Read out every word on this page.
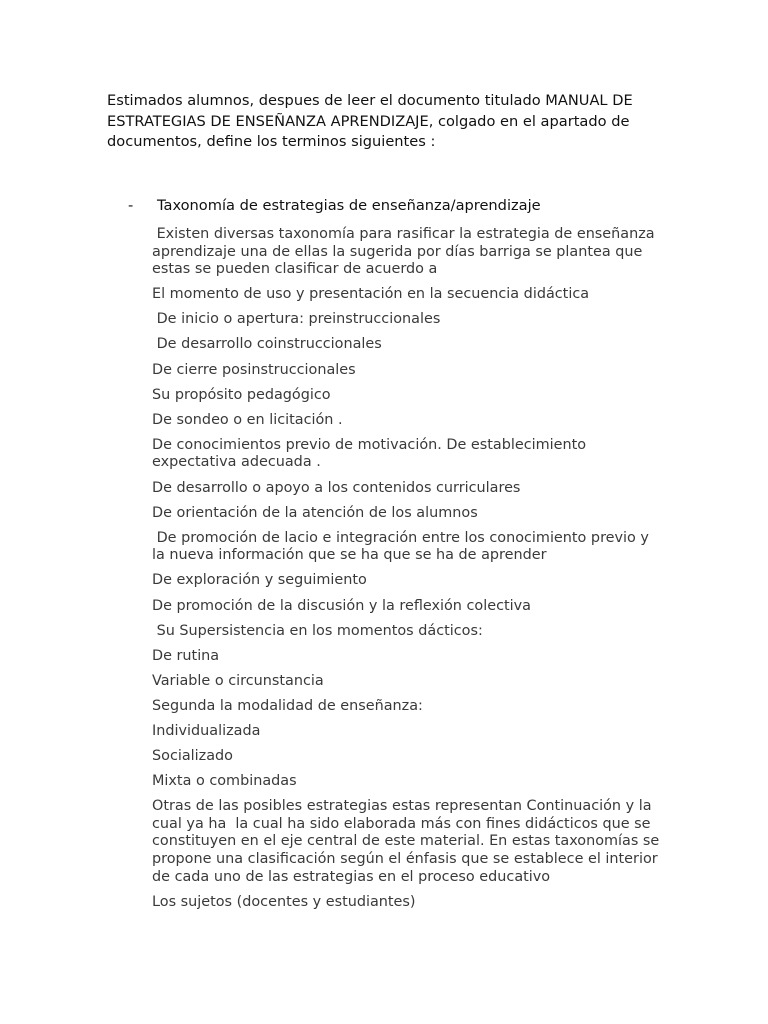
Estimados alumnos, despues de leer el documento titulado MANUAL DE
ESTRATEGIAS DE ENSEÑANZA APRENDIZAJE, colgado en el apartado de
documentos, define los terminos siguientes :
- Taxonomía de estrategias de enseñanza/aprendizaje

Existen diversas taxonomía para rasificar la estrategia de enseñanza
aprendizaje una de ellas la sugerida por días barriga se plantea que
estas se pueden clasificar de acuerdo a

El momento de uso y presentación en la secuencia didáctica

De inicio o apertura: preinstruccionales

De desarrollo coinstruccionales

De cierre posinstruccionales

Su propósito pedagógico

De sondeo o en licitación .

De conocimientos previo de motivación. De establecimiento
expectativa adecuada .

De desarrollo o apoyo a los contenidos curriculares

De orientación de la atención de los alumnos

De promoción de lacio e integración entre los conocimiento previo y
la nueva información que se ha que se ha de aprender

De exploración y seguimiento

De promoción de la discusión y la reflexión colectiva

Su Supersistencia en los momentos dácticos:

De rutina

Variable o circunstancia

Segunda la modalidad de enseñanza:

Individualizada

Socializado

Mixta o combinadas

Otras de las posibles estrategias estas representan Continuación y la
cual ya ha  la cual ha sido elaborada más con fines didácticos que se
constituyen en el eje central de este material. En estas taxonomías se
propone una clasificación según el énfasis que se establece el interior
de cada uno de las estrategias en el proceso educativo

Los sujetos (docentes y estudiantes)
